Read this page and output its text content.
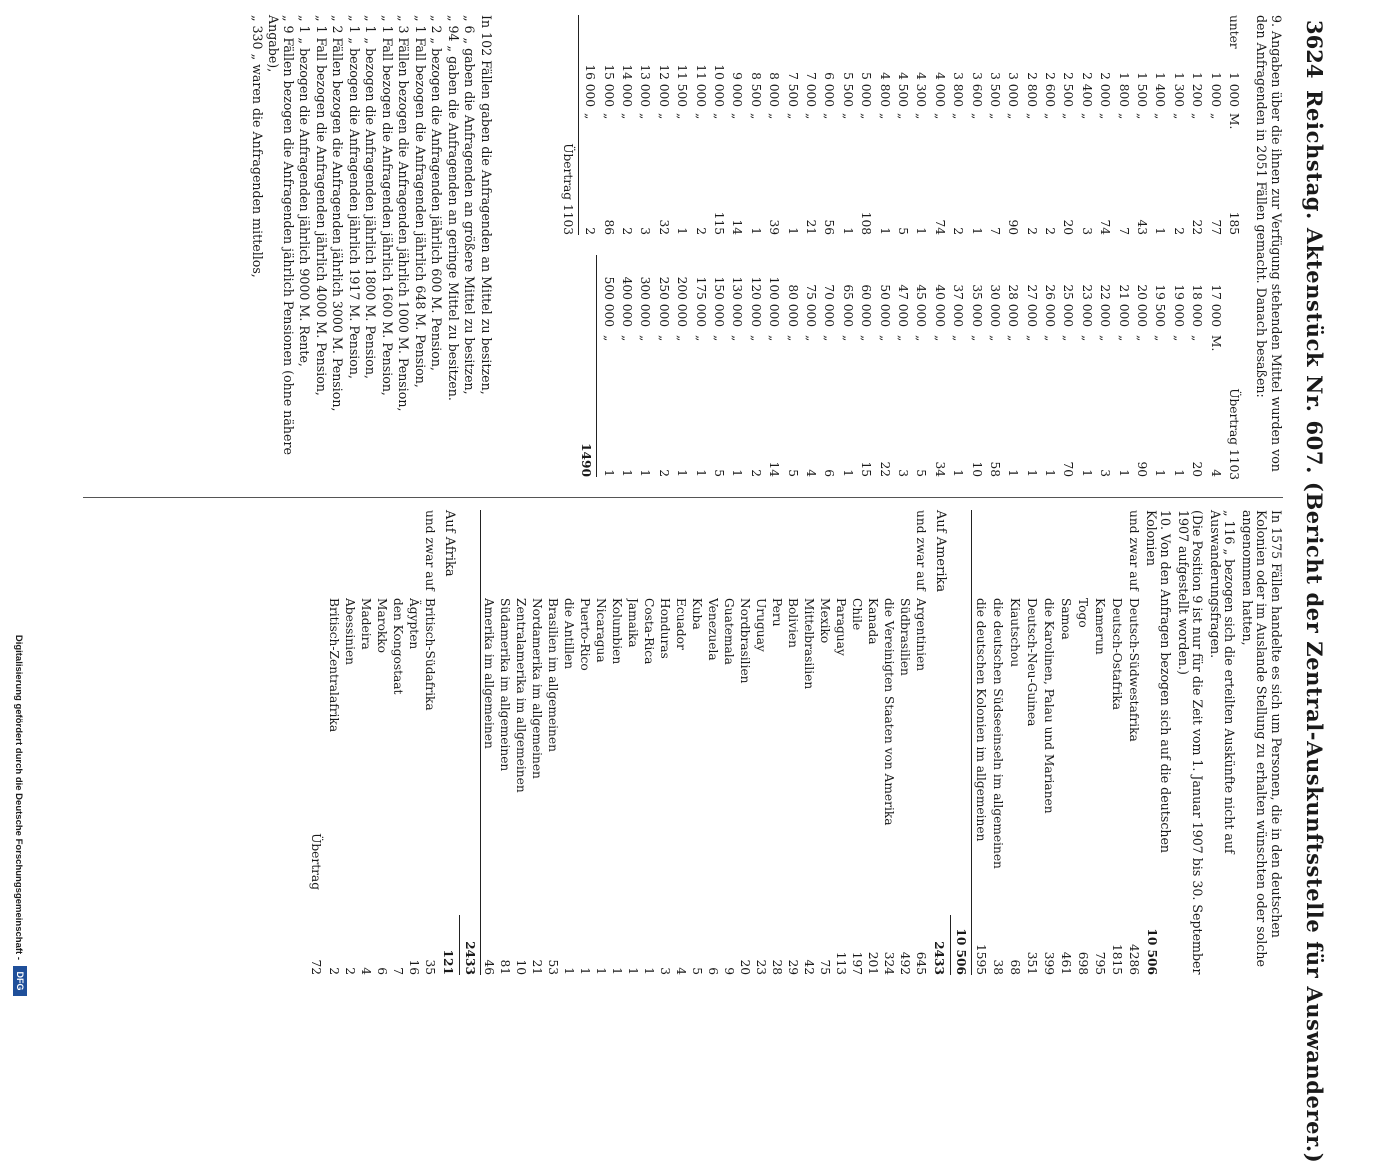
3624
Reichstag. Aktenstück Nr. 607. (Bericht der Zentral-Auskunftsstelle für Auswanderer.)
9. Angaben über die ihnen zur Verfügung stehenden Mittel wurden von den Anfragenden in 2051 Fällen gemacht. Danach besaßen:
unter
1 000
M.
185
1 000
„
77
1 200
„
22
1 300
„
2
1 400
„
1
1 500
„
43
1 800
„
7
2 000
„
74
2 400
„
3
2 500
„
20
2 600
„
2
2 800
„
2
3 000
„
90
3 500
„
7
3 600
„
1
3 800
„
2
4 000
„
74
4 300
„
1
4 500
„
5
4 800
„
1
5 000
„
108
5 500
„
1
6 000
„
56
7 000
„
21
7 500
„
1
8 000
„
39
8 500
„
1
9 000
„
14
10 000
„
115
11 000
„
2
11 500
„
1
12 000
„
32
13 000
„
3
14 000
„
2
15 000
„
86
16 000
„
2
Übertrag 1103
Übertrag 1103
17 000
M.
4
18 000
„
20
19 000
„
1
19 500
„
1
20 000
„
90
21 000
„
1
22 000
„
3
23 000
„
1
25 000
„
70
26 000
„
1
27 000
„
1
28 000
„
1
30 000
„
58
35 000
„
10
37 000
„
1
40 000
„
34
45 000
„
5
47 000
„
3
50 000
„
22
60 000
„
15
65 000
„
1
70 000
„
6
75 000
„
4
80 000
„
5
100 000
„
14
120 000
„
2
130 000
„
1
150 000
„
5
175 000
„
1
200 000
„
1
250 000
„
2
300 000
„
1
400 000
„
1
500 000
„
1
1490
In 102 Fällen gaben die Anfragenden an Mittel zu besitzen,
„ 6 „ gaben die Anfragenden an größere Mittel zu besitzen,
„ 94 „ gaben die Anfragenden an geringe Mittel zu besitzen.
„ 2 „ bezogen die Anfragenden jährlich 600 M. Pension,
„ 1 Fall bezogen die Anfragenden jährlich 648 M. Pension,
„ 3 Fällen bezogen die Anfragenden jährlich 1000 M. Pension,
„ 1 Fall bezogen die Anfragenden jährlich 1600 M. Pension,
„ 1 „ bezogen die Anfragenden jährlich 1800 M. Pension,
„ 1 „ bezogen die Anfragenden jährlich 1917 M. Pension,
„ 2 Fällen bezogen die Anfragenden jährlich 3000 M. Pension,
„ 1 Fall bezogen die Anfragenden jährlich 4000 M. Pension,
„ 1 „ bezogen die Anfragenden jährlich 9000 M. Rente,
„ 9 Fällen bezogen die Anfragenden jährlich Pensionen (ohne nähere Angabe),
„ 330 „ waren die Anfragenden mittellos,
In 1575 Fällen handelte es sich um Personen, die in den deutschen Kolonien oder im Auslande Stellung zu erhalten wünschten oder solche angenommen hatten,
„ 116 „ bezogen sich die erteilten Auskünfte nicht auf Auswanderungsfragen.
(Die Position 9 ist nur für die Zeit vom 1. Januar 1907 bis 30. September 1907 aufgestellt worden.)
10. Von den Anfragen bezogen sich auf die deutschen Kolonien
10 506
und zwar auf
Deutsch-Südwestafrika
4286
Deutsch-Ostafrika
1815
Kamerun
795
Togo
698
Samoa
461
die Karolinen, Palau und Marianen
399
Deutsch-Neu-Guinea
351
Kiautschou
68
die deutschen Südseeinseln im allgemeinen
38
die deutschen Kolonien im allgemeinen
1595
10 506
Auf Amerika
2433
und zwar auf
Argentinien
645
Südbrasilien
492
die Vereinigten Staaten von Amerika
324
Kanada
201
Chile
197
Paraguay
113
Mexiko
75
Mittelbrasilien
42
Bolivien
29
Peru
28
Uruguay
23
Nordbrasilien
20
Guatemala
9
Venezuela
6
Kuba
5
Ecuador
4
Honduras
3
Costa-Rica
1
Jamaika
1
Kolumbien
1
Nicaragua
1
Puerto-Rico
1
die Antillen
1
Brasilien im allgemeinen
53
Nordamerika im allgemeinen
21
Zentralamerika im allgemeinen
10
Südamerika im allgemeinen
81
Amerika im allgemeinen
46
2433
Auf Afrika
121
und zwar auf
Britisch-Südafrika
35
Ägypten
16
den Kongostaat
7
Marokko
6
Madeira
4
Abessinien
2
Britisch-Zentralafrika
2
Übertrag
72
Digitalisierung gefördert durch die Deutsche Forschungsgemeinschaft -
DFG
